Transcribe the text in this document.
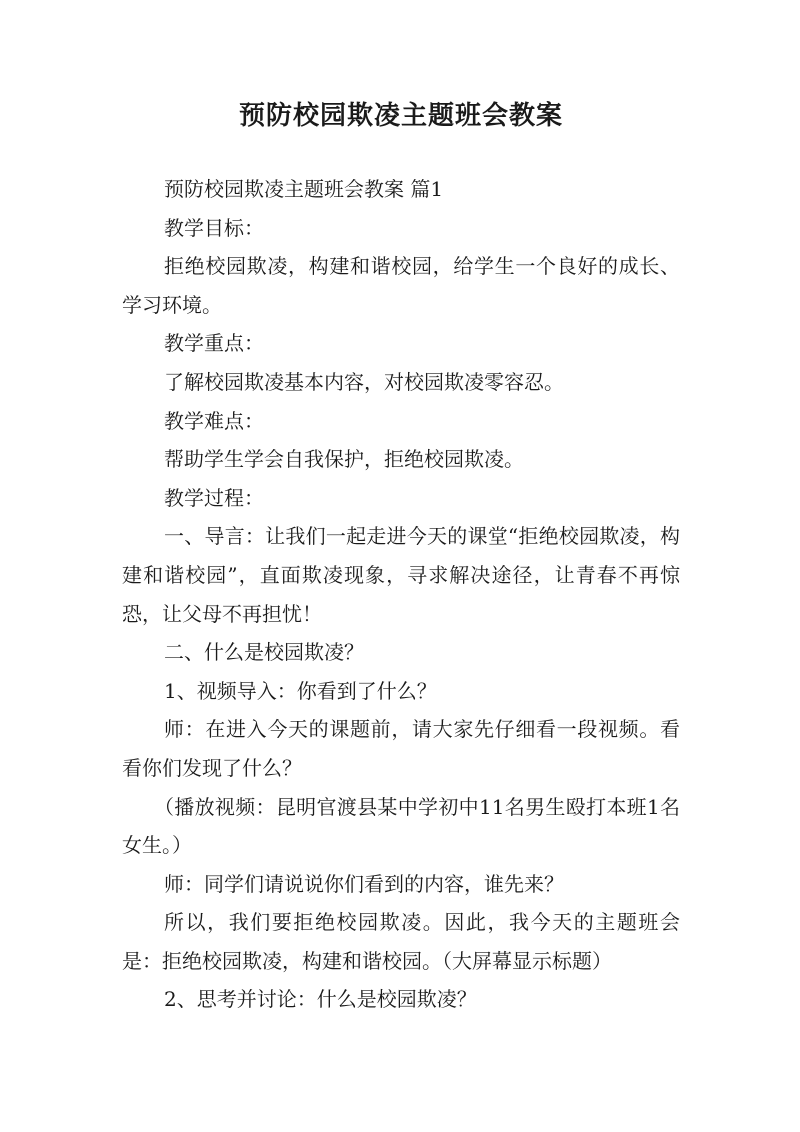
预防校园欺凌主题班会教案

预防校园欺凌主题班会教案 篇1

教学目标：

拒绝校园欺凌，构建和谐校园，给学生一个良好的成长、学习环境。

教学重点：

了解校园欺凌基本内容，对校园欺凌零容忍。

教学难点：

帮助学生学会自我保护，拒绝校园欺凌。

教学过程：

一、导言：让我们一起走进今天的课堂“拒绝校园欺凌，构建和谐校园”，直面欺凌现象，寻求解决途径，让青春不再惊恐，让父母不再担忧！

二、什么是校园欺凌？

1、视频导入：你看到了什么？

师：在进入今天的课题前，请大家先仔细看一段视频。看看你们发现了什么？

（播放视频：昆明官渡县某中学初中11名男生殴打本班1名女生。）

师：同学们请说说你们看到的内容，谁先来？

所以，我们要拒绝校园欺凌。因此，我今天的主题班会是：拒绝校园欺凌，构建和谐校园。（大屏幕显示标题）

2、思考并讨论：什么是校园欺凌？
